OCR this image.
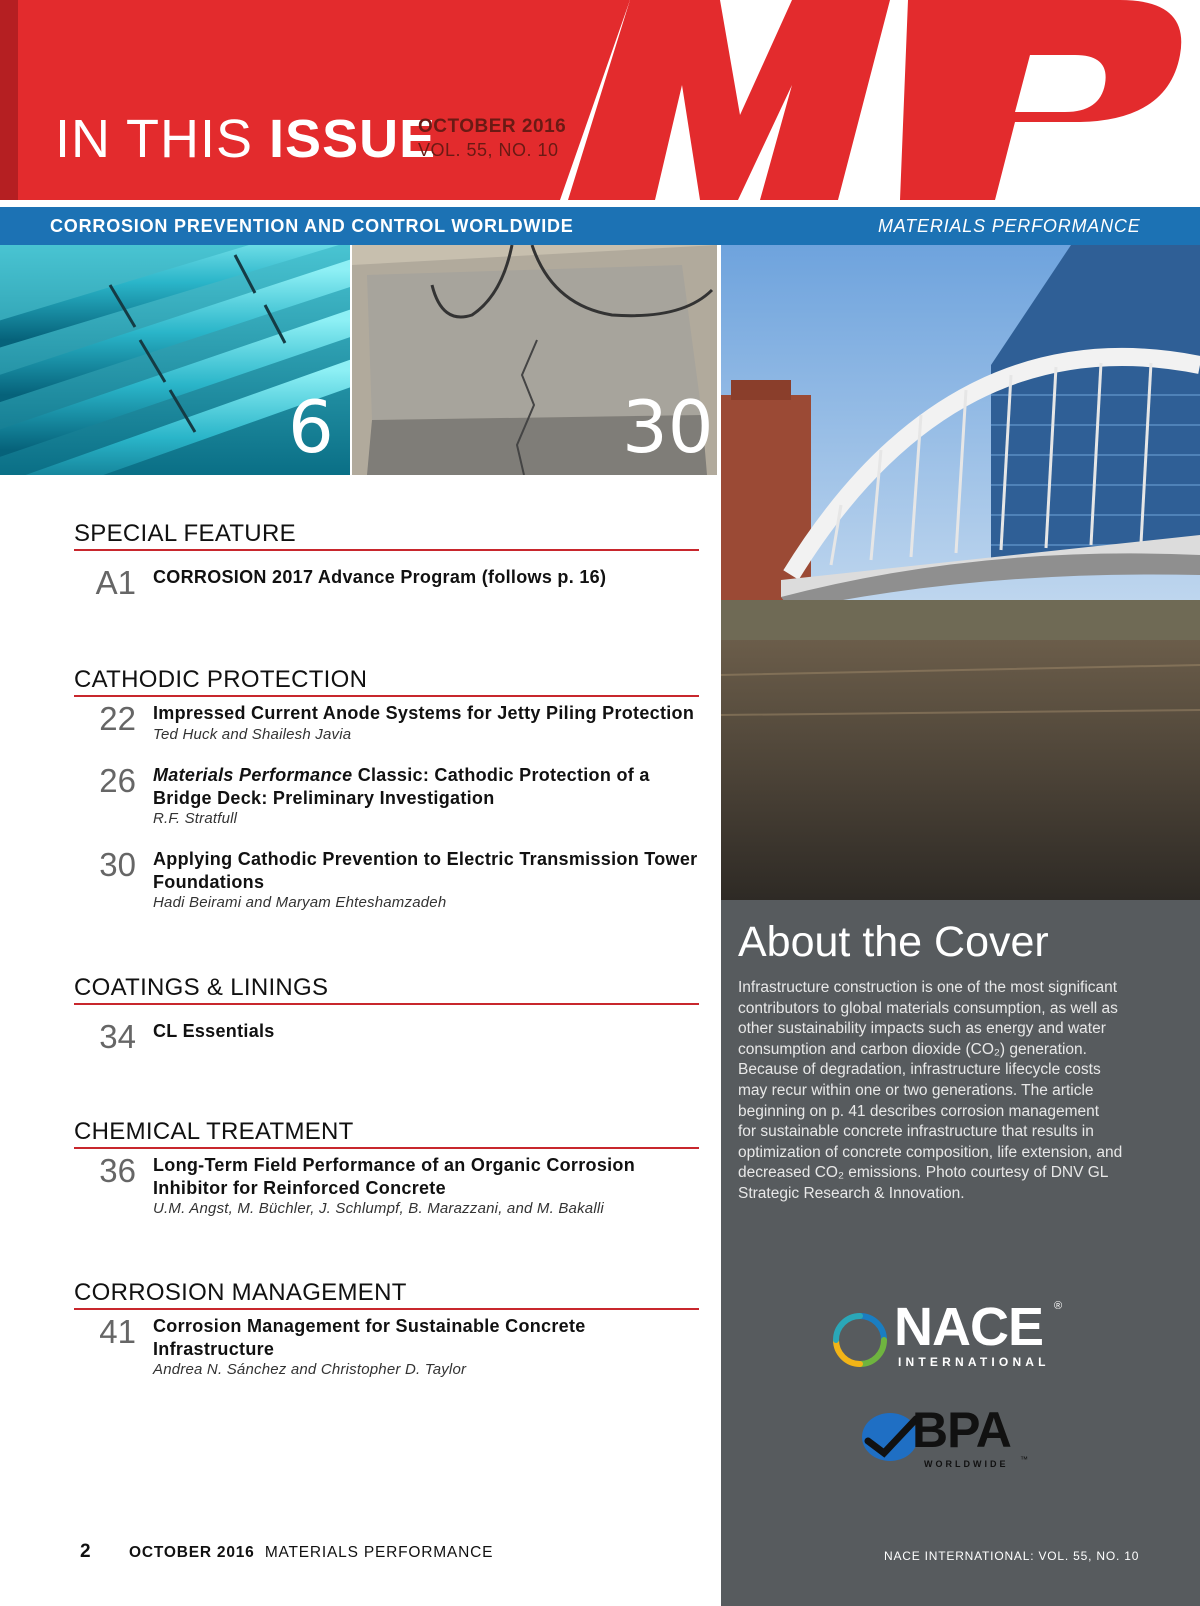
IN THIS ISSUE
OCTOBER 2016
VOL. 55, NO. 10
CORROSION PREVENTION AND CONTROL WORLDWIDE	MATERIALS PERFORMANCE
6	30
SPECIAL FEATURE
A1 CORROSION 2017 Advance Program (follows p. 16)
CATHODIC PROTECTION
22 Impressed Current Anode Systems for Jetty Piling Protection
Ted Huck and Shailesh Javia
26 Materials Performance Classic: Cathodic Protection of a Bridge Deck: Preliminary Investigation
R.F. Stratfull
30 Applying Cathodic Prevention to Electric Transmission Tower Foundations
Hadi Beirami and Maryam Ehteshamzadeh
COATINGS & LININGS
34 CL Essentials
CHEMICAL TREATMENT
36 Long-Term Field Performance of an Organic Corrosion Inhibitor for Reinforced Concrete
U.M. Angst, M. Büchler, J. Schlumpf, B. Marazzani, and M. Bakalli
CORROSION MANAGEMENT
41 Corrosion Management for Sustainable Concrete Infrastructure
Andrea N. Sánchez and Christopher D. Taylor
About the Cover
Infrastructure construction is one of the most significant
contributors to global materials consumption, as well as
other sustainability impacts such as energy and water
consumption and carbon dioxide (CO₂) generation.
Because of degradation, infrastructure lifecycle costs
may recur within one or two generations. The article
beginning on p. 41 describes corrosion management
for sustainable concrete infrastructure that results in
optimization of concrete composition, life extension, and
decreased CO₂ emissions. Photo courtesy of DNV GL
Strategic Research & Innovation.
NACE ®
INTERNATIONAL
BPA
™
WORLDWIDE
2 OCTOBER 2016 MATERIALS PERFORMANCE	NACE INTERNATIONAL: VOL. 55, NO. 10
